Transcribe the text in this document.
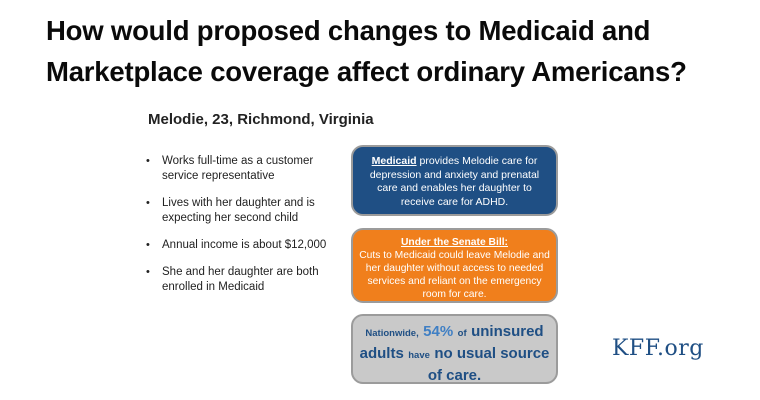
How would proposed changes to Medicaid and
Marketplace coverage affect ordinary Americans?

Melodie, 23, Richmond, Virginia

• Works full-time as a customer service representative
• Lives with her daughter and is expecting her second child
• Annual income is about $12,000
• She and her daughter are both enrolled in Medicaid
Medicaid provides Melodie care for depression and anxiety and prenatal care and enables her daughter to receive care for ADHD.
Under the Senate Bill:
Cuts to Medicaid could leave Melodie and her daughter without access to needed services and reliant on the emergency room for care.
Nationwide, 54% of uninsured
adults have no usual source of care.

KFF.org
